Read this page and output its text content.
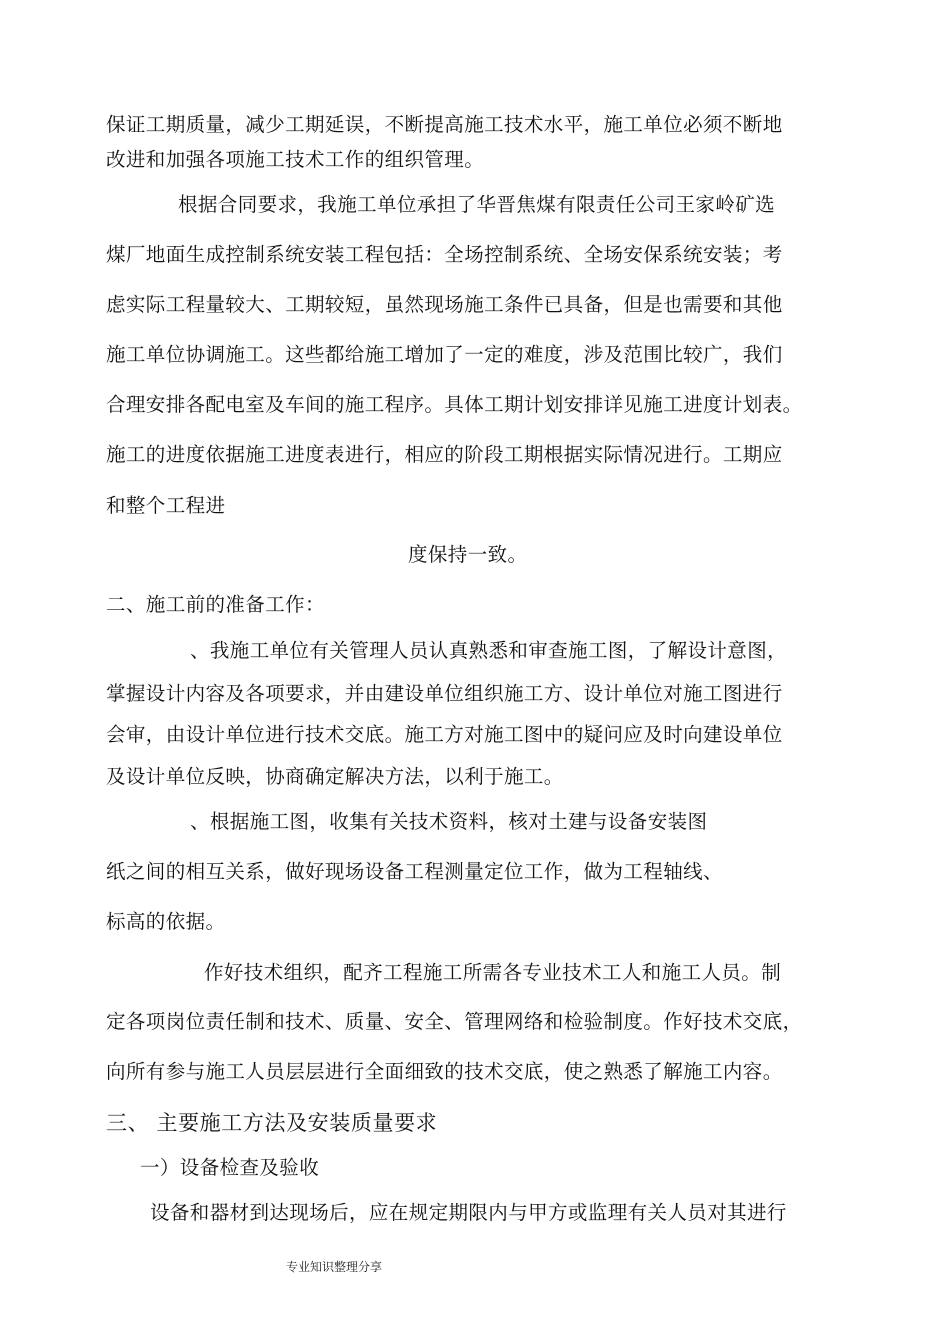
保证工期质量，减少工期延误，不断提高施工技术水平，施工单位必须不断地
改进和加强各项施工技术工作的组织管理。
根据合同要求，我施工单位承担了华晋焦煤有限责任公司王家岭矿选
煤厂地面生成控制系统安装工程包括：全场控制系统、全场安保系统安装；考
虑实际工程量较大、工期较短，虽然现场施工条件已具备，但是也需要和其他
施工单位协调施工。这些都给施工增加了一定的难度，涉及范围比较广，我们
合理安排各配电室及车间的施工程序。具体工期计划安排详见施工进度计划表。
施工的进度依据施工进度表进行，相应的阶段工期根据实际情况进行。工期应
和整个工程进
度保持一致。
二、施工前的准备工作：
、我施工单位有关管理人员认真熟悉和审查施工图，了解设计意图，
掌握设计内容及各项要求，并由建设单位组织施工方、设计单位对施工图进行
会审，由设计单位进行技术交底。施工方对施工图中的疑问应及时向建设单位
及设计单位反映，协商确定解决方法，以利于施工。
、根据施工图，收集有关技术资料，核对土建与设备安装图
纸之间的相互关系，做好现场设备工程测量定位工作，做为工程轴线、
标高的依据。
作好技术组织，配齐工程施工所需各专业技术工人和施工人员。制
定各项岗位责任制和技术、质量、安全、管理网络和检验制度。作好技术交底，
向所有参与施工人员层层进行全面细致的技术交底，使之熟悉了解施工内容。
三、 主要施工方法及安装质量要求
一）设备检查及验收
设备和器材到达现场后，应在规定期限内与甲方或监理有关人员对其进行
专业知识整理分享
